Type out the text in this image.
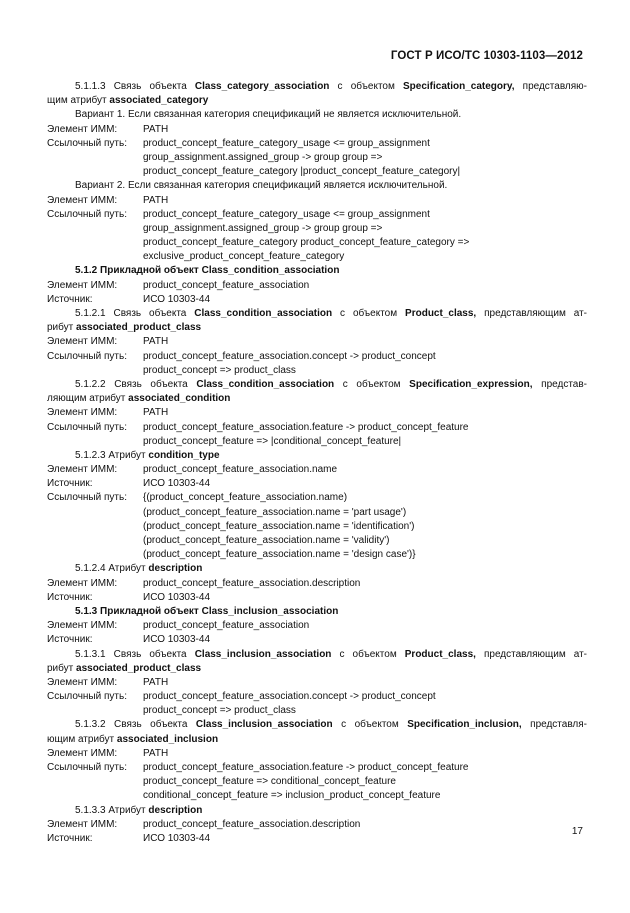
ГОСТ Р ИСО/ТС 10303-1103—2012
5.1.1.3 Связь объекта Class_category_association с объектом Specification_category, представляю-
щим атрибут associated_category
Вариант 1. Если связанная категория спецификаций не является исключительной.
Элемент ИММ:	PATH
Ссылочный путь:	product_concept_feature_category_usage <= group_assignment
group_assignment.assigned_group -> group group =>
product_concept_feature_category |product_concept_feature_category|
Вариант 2. Если связанная категория спецификаций является исключительной.
Элемент ИММ:	PATH
Ссылочный путь:	product_concept_feature_category_usage <= group_assignment
group_assignment.assigned_group -> group group =>
product_concept_feature_category product_concept_feature_category =>
exclusive_product_concept_feature_category
5.1.2 Прикладной объект Class_condition_association
Элемент ИММ:	product_concept_feature_association
Источник:	ИСО 10303-44
5.1.2.1 Связь объекта Class_condition_association с объектом Product_class, представляющим ат-
рибут associated_product_class
Элемент ИММ:	PATH
Ссылочный путь:	product_concept_feature_association.concept -> product_concept
product_concept => product_class
5.1.2.2 Связь объекта Class_condition_association с объектом Specification_expression, представ-
ляющим атрибут associated_condition
Элемент ИММ:	PATH
Ссылочный путь:	product_concept_feature_association.feature -> product_concept_feature
product_concept_feature => |conditional_concept_feature|
5.1.2.3 Атрибут condition_type
Элемент ИММ:	product_concept_feature_association.name
Источник:	ИСО 10303-44
Ссылочный путь:	{(product_concept_feature_association.name)
(product_concept_feature_association.name = 'part usage')
(product_concept_feature_association.name = 'identification')
(product_concept_feature_association.name = 'validity')
(product_concept_feature_association.name = 'design case')}
5.1.2.4 Атрибут description
Элемент ИММ:	product_concept_feature_association.description
Источник:	ИСО 10303-44
5.1.3 Прикладной объект Class_inclusion_association
Элемент ИММ:	product_concept_feature_association
Источник:	ИСО 10303-44
5.1.3.1 Связь объекта Class_inclusion_association с объектом Product_class, представляющим ат-
рибут associated_product_class
Элемент ИММ:	PATH
Ссылочный путь:	product_concept_feature_association.concept -> product_concept
product_concept => product_class
5.1.3.2 Связь объекта Class_inclusion_association с объектом Specification_inclusion, представля-
ющим атрибут associated_inclusion
Элемент ИММ:	PATH
Ссылочный путь:	product_concept_feature_association.feature -> product_concept_feature
product_concept_feature => conditional_concept_feature
conditional_concept_feature => inclusion_product_concept_feature
5.1.3.3 Атрибут description
Элемент ИММ:	product_concept_feature_association.description
Источник:	ИСО 10303-44
17
